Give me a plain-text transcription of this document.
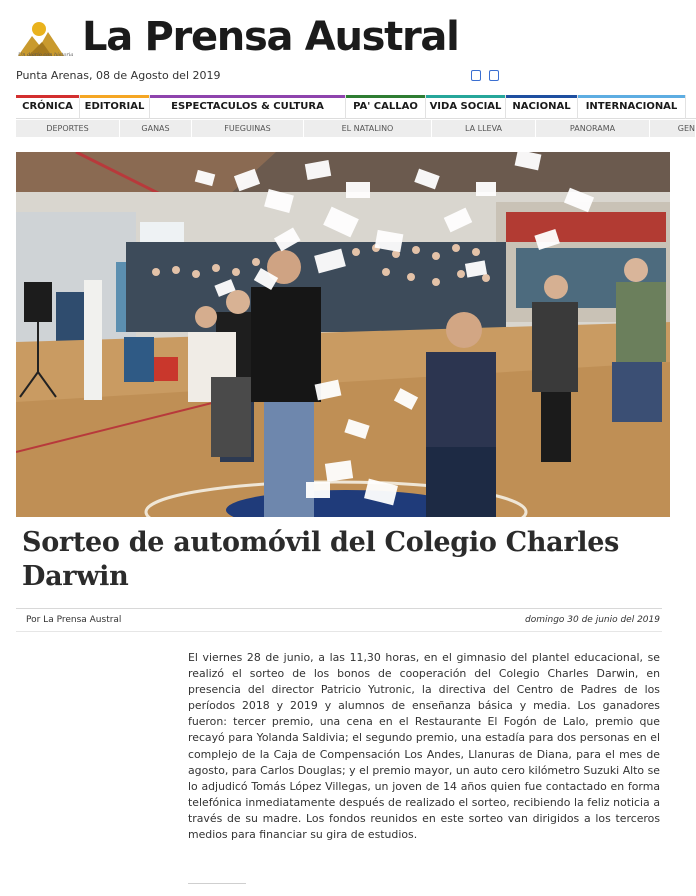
Un diario con historia La Prensa Austral
Punta Arenas, 08 de Agosto del 2019
CRÓNICA	EDITORIAL	ESPECTACULOS & CULTURA	PA' CALLAO	VIDA SOCIAL	NACIONAL	INTERNACIONAL
DEPORTES	GANAS	FUEGUINAS	EL NATALINO	LA LLEVA	PANORAMA	GEN
Sorteo de automóvil del Colegio Charles Darwin
Por La Prensa Austral	domingo 30 de junio del 2019

El viernes 28 de junio, a las 11,30 horas, en el gimnasio del plantel educacional, se realizó el sorteo de los bonos de cooperación del Colegio Charles Darwin, en presencia del director Patricio Yutronic, la directiva del Centro de Padres de los períodos 2018 y 2019 y alumnos de enseñanza básica y media. Los ganadores fueron: tercer premio, una cena en el Restaurante El Fogón de Lalo, premio que recayó para Yolanda Saldivia; el segundo premio, una estadía para dos personas en el complejo de la Caja de Compensación Los Andes, Llanuras de Diana, para el mes de agosto, para Carlos Douglas; y el premio mayor, un auto cero kilómetro Suzuki Alto se lo adjudicó Tomás López Villegas, un joven de 14 años quien fue contactado en forma telefónica inmediatamente después de realizado el sorteo, recibiendo la feliz noticia a través de su madre. Los fondos reunidos en este sorteo van dirigidos a los terceros medios para financiar su gira de estudios.
